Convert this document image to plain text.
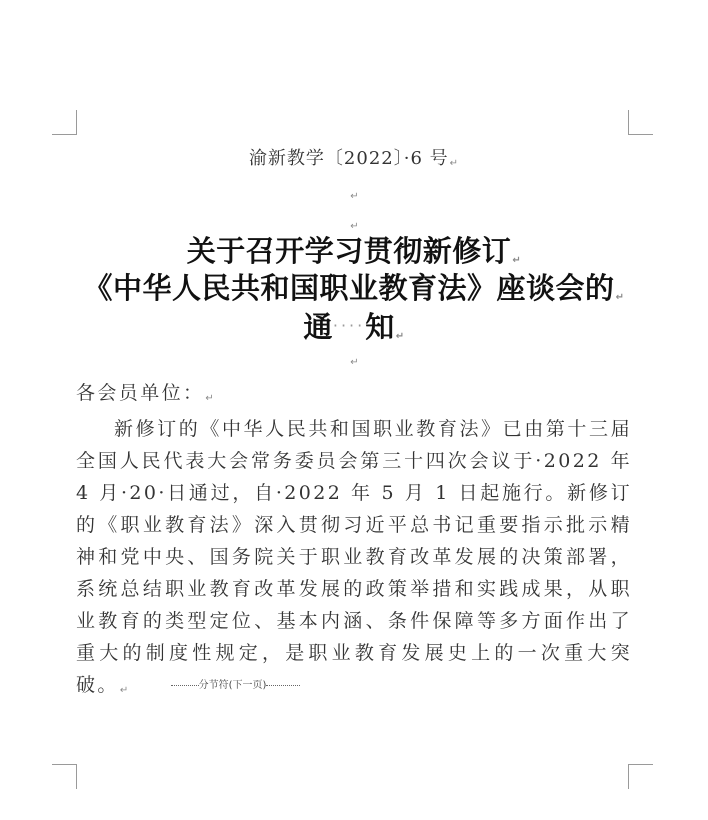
渝新教学〔2022〕·6 号↵
↵
↵
关于召开学习贯彻新修订↵
《中华人民共和国职业教育法》座谈会的↵
通····知↵
↵
各会员单位：↵

新修订的《中华人民共和国职业教育法》已由第十三届全国人民代表大会常务委员会第三十四次会议于·2022 年 4 月·20·日通过，自·2022 年 5 月 1 日起施行。新修订的《职业教育法》深入贯彻习近平总书记重要指示批示精神和党中央、国务院关于职业教育改革发展的决策部署，系统总结职业教育改革发展的政策举措和实践成果，从职业教育的类型定位、基本内涵、条件保障等多方面作出了重大的制度性规定，是职业教育发展史上的一次重大突破。↵	分节符(下一页)
